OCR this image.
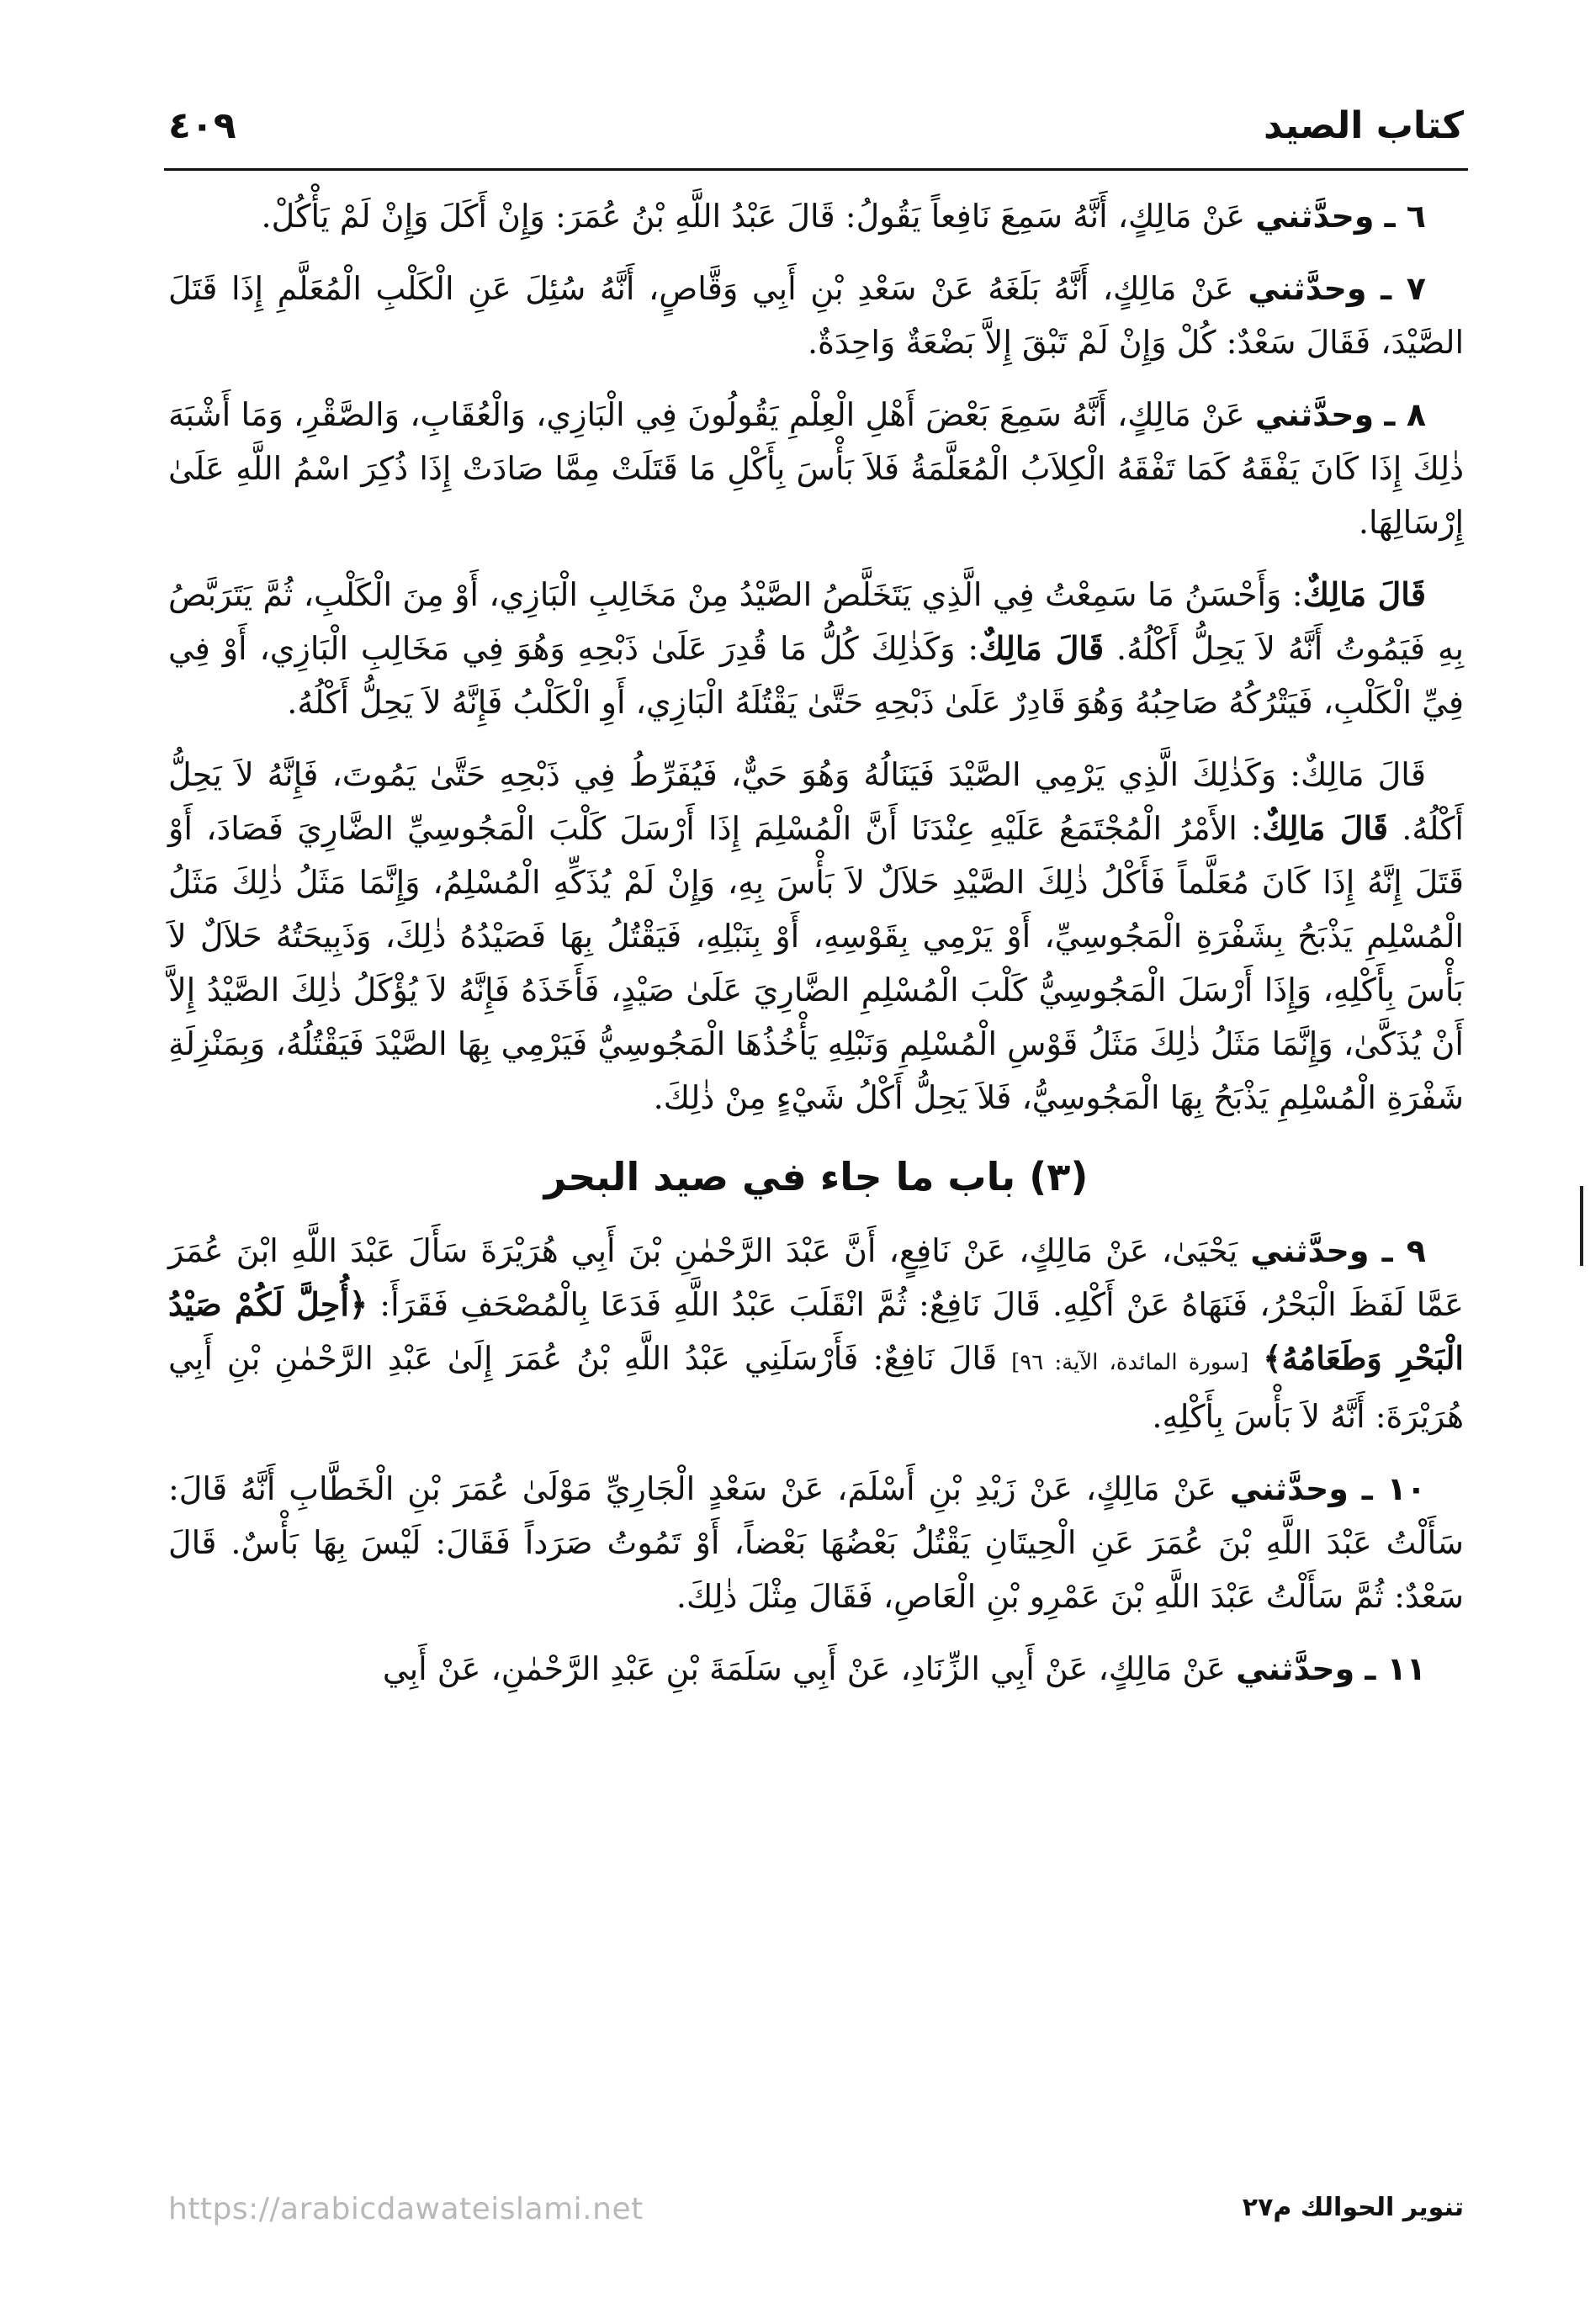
كتاب الصيد
٤٠٩

٦ ـ وحدَّثني عَنْ مَالِكٍ، أَنَّهُ سَمِعَ نَافِعاً يَقُولُ: قَالَ عَبْدُ اللَّهِ بْنُ عُمَرَ: وَإِنْ أَكَلَ وَإِنْ لَمْ يَأْكُلْ.

٧ ـ وحدَّثني عَنْ مَالِكٍ، أَنَّهُ بَلَغَهُ عَنْ سَعْدِ بْنِ أَبِي وَقَّاصٍ، أَنَّهُ سُئِلَ عَنِ الْكَلْبِ الْمُعَلَّمِ إِذَا قَتَلَ الصَّيْدَ، فَقَالَ سَعْدٌ: كُلْ وَإِنْ لَمْ تَبْقَ إِلاَّ بَضْعَةٌ وَاحِدَةٌ.

٨ ـ وحدَّثني عَنْ مَالِكٍ، أَنَّهُ سَمِعَ بَعْضَ أَهْلِ الْعِلْمِ يَقُولُونَ فِي الْبَازِي، وَالْعُقَابِ، وَالصَّقْرِ، وَمَا أَشْبَهَ ذٰلِكَ إِذَا كَانَ يَفْقَهُ كَمَا تَفْقَهُ الْكِلاَبُ الْمُعَلَّمَةُ فَلاَ بَأْسَ بِأَكْلِ مَا قَتَلَتْ مِمَّا صَادَتْ إِذَا ذُكِرَ اسْمُ اللَّهِ عَلَىٰ إِرْسَالِهَا.

قَالَ مَالِكٌ: وَأَحْسَنُ مَا سَمِعْتُ فِي الَّذِي يَتَخَلَّصُ الصَّيْدُ مِنْ مَخَالِبِ الْبَازِي، أَوْ مِنَ الْكَلْبِ، ثُمَّ يَتَرَبَّصُ بِهِ فَيَمُوتُ أَنَّهُ لاَ يَحِلُّ أَكْلُهُ. قَالَ مَالِكٌ: وَكَذٰلِكَ كُلُّ مَا قُدِرَ عَلَىٰ ذَبْحِهِ وَهُوَ فِي مَخَالِبِ الْبَازِي، أَوْ فِي فِيِّ الْكَلْبِ، فَيَتْرُكُهُ صَاحِبُهُ وَهُوَ قَادِرٌ عَلَىٰ ذَبْحِهِ حَتَّىٰ يَقْتُلَهُ الْبَازِي، أَوِ الْكَلْبُ فَإِنَّهُ لاَ يَحِلُّ أَكْلُهُ.

قَالَ مَالِكٌ: وَكَذٰلِكَ الَّذِي يَرْمِي الصَّيْدَ فَيَنَالُهُ وَهُوَ حَيٌّ، فَيُفَرِّطُ فِي ذَبْحِهِ حَتَّىٰ يَمُوتَ، فَإِنَّهُ لاَ يَحِلُّ أَكْلُهُ. قَالَ مَالِكٌ: الأَمْرُ الْمُجْتَمَعُ عَلَيْهِ عِنْدَنَا أَنَّ الْمُسْلِمَ إِذَا أَرْسَلَ كَلْبَ الْمَجُوسِيِّ الضَّارِيَ فَصَادَ، أَوْ قَتَلَ إِنَّهُ إِذَا كَانَ مُعَلَّماً فَأَكْلُ ذٰلِكَ الصَّيْدِ حَلاَلٌ لاَ بَأْسَ بِهِ، وَإِنْ لَمْ يُذَكِّهِ الْمُسْلِمُ، وَإِنَّمَا مَثَلُ ذٰلِكَ مَثَلُ الْمُسْلِمِ يَذْبَحُ بِشَفْرَةِ الْمَجُوسِيِّ، أَوْ يَرْمِي بِقَوْسِهِ، أَوْ بِنَبْلِهِ، فَيَقْتُلُ بِهَا فَصَيْدُهُ ذٰلِكَ، وَذَبِيحَتُهُ حَلاَلٌ لاَ بَأْسَ بِأَكْلِهِ، وَإِذَا أَرْسَلَ الْمَجُوسِيُّ كَلْبَ الْمُسْلِمِ الضَّارِيَ عَلَىٰ صَيْدٍ، فَأَخَذَهُ فَإِنَّهُ لاَ يُؤْكَلُ ذٰلِكَ الصَّيْدُ إِلاَّ أَنْ يُذَكَّىٰ، وَإِنَّمَا مَثَلُ ذٰلِكَ مَثَلُ قَوْسِ الْمُسْلِمِ وَنَبْلِهِ يَأْخُذُهَا الْمَجُوسِيُّ فَيَرْمِي بِهَا الصَّيْدَ فَيَقْتُلُهُ، وَبِمَنْزِلَةِ شَفْرَةِ الْمُسْلِمِ يَذْبَحُ بِهَا الْمَجُوسِيُّ، فَلاَ يَحِلُّ أَكْلُ شَيْءٍ مِنْ ذٰلِكَ.

(٣) باب ما جاء في صيد البحر

٩ ـ وحدَّثني يَحْيَىٰ، عَنْ مَالِكٍ، عَنْ نَافِعٍ، أَنَّ عَبْدَ الرَّحْمٰنِ بْنَ أَبِي هُرَيْرَةَ سَأَلَ عَبْدَ اللَّهِ ابْنَ عُمَرَ عَمَّا لَفَظَ الْبَحْرُ، فَنَهَاهُ عَنْ أَكْلِهِ. قَالَ نَافِعٌ: ثُمَّ انْقَلَبَ عَبْدُ اللَّهِ فَدَعَا بِالْمُصْحَفِ فَقَرَأَ: ﴿أُحِلَّ لَكُمْ صَيْدُ الْبَحْرِ وَطَعَامُهُ﴾ [سورة المائدة، الآية: ٩٦] قَالَ نَافِعٌ: فَأَرْسَلَنِي عَبْدُ اللَّهِ بْنُ عُمَرَ إِلَىٰ عَبْدِ الرَّحْمٰنِ بْنِ أَبِي هُرَيْرَةَ: أَنَّهُ لاَ بَأْسَ بِأَكْلِهِ.

١٠ ـ وحدَّثني عَنْ مَالِكٍ، عَنْ زَيْدِ بْنِ أَسْلَمَ، عَنْ سَعْدٍ الْجَارِيِّ مَوْلَىٰ عُمَرَ بْنِ الْخَطَّابِ أَنَّهُ قَالَ: سَأَلْتُ عَبْدَ اللَّهِ بْنَ عُمَرَ عَنِ الْحِيتَانِ يَقْتُلُ بَعْضُهَا بَعْضاً، أَوْ تَمُوتُ صَرَداً فَقَالَ: لَيْسَ بِهَا بَأْسٌ. قَالَ سَعْدٌ: ثُمَّ سَأَلْتُ عَبْدَ اللَّهِ بْنَ عَمْرِو بْنِ الْعَاصِ، فَقَالَ مِثْلَ ذٰلِكَ.

١١ ـ وحدَّثني عَنْ مَالِكٍ، عَنْ أَبِي الزِّنَادِ، عَنْ أَبِي سَلَمَةَ بْنِ عَبْدِ الرَّحْمٰنِ، عَنْ أَبِي

تنوير الحوالك م٢٧
https://arabicdawateislami.net
